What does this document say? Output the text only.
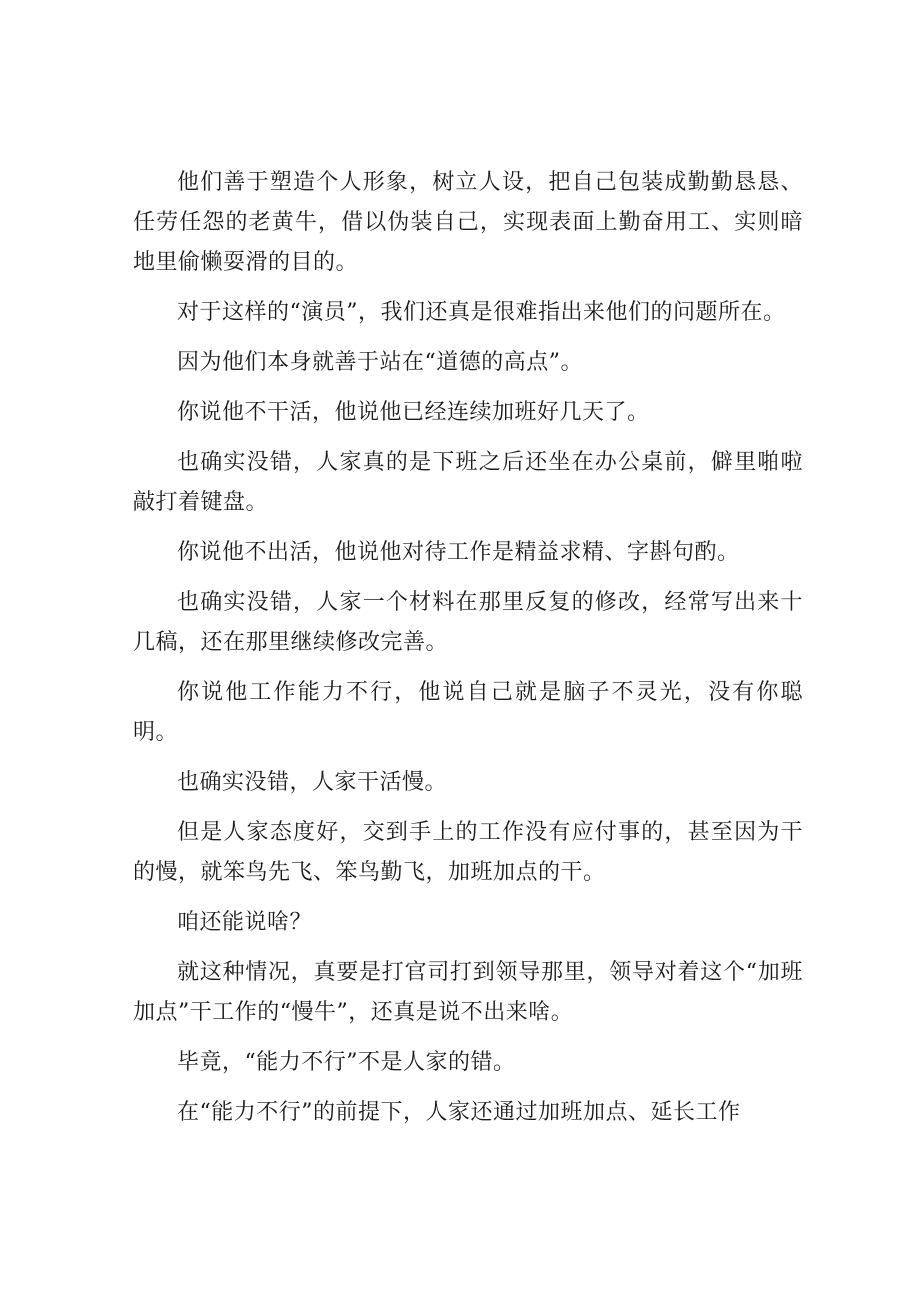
他们善于塑造个人形象，树立人设，把自己包装成勤勤恳恳、任劳任怨的老黄牛，借以伪装自己，实现表面上勤奋用工、实则暗地里偷懒耍滑的目的。

对于这样的“演员”，我们还真是很难指出来他们的问题所在。

因为他们本身就善于站在“道德的高点”。

你说他不干活，他说他已经连续加班好几天了。

也确实没错，人家真的是下班之后还坐在办公桌前，僻里啪啦敲打着键盘。

你说他不出活，他说他对待工作是精益求精、字斟句酌。

也确实没错，人家一个材料在那里反复的修改，经常写出来十几稿，还在那里继续修改完善。

你说他工作能力不行，他说自己就是脑子不灵光，没有你聪明。

也确实没错，人家干活慢。

但是人家态度好，交到手上的工作没有应付事的，甚至因为干的慢，就笨鸟先飞、笨鸟勤飞，加班加点的干。

咱还能说啥？

就这种情况，真要是打官司打到领导那里，领导对着这个“加班加点”干工作的“慢牛”，还真是说不出来啥。

毕竟，“能力不行”不是人家的错。

在“能力不行”的前提下，人家还通过加班加点、延长工作
